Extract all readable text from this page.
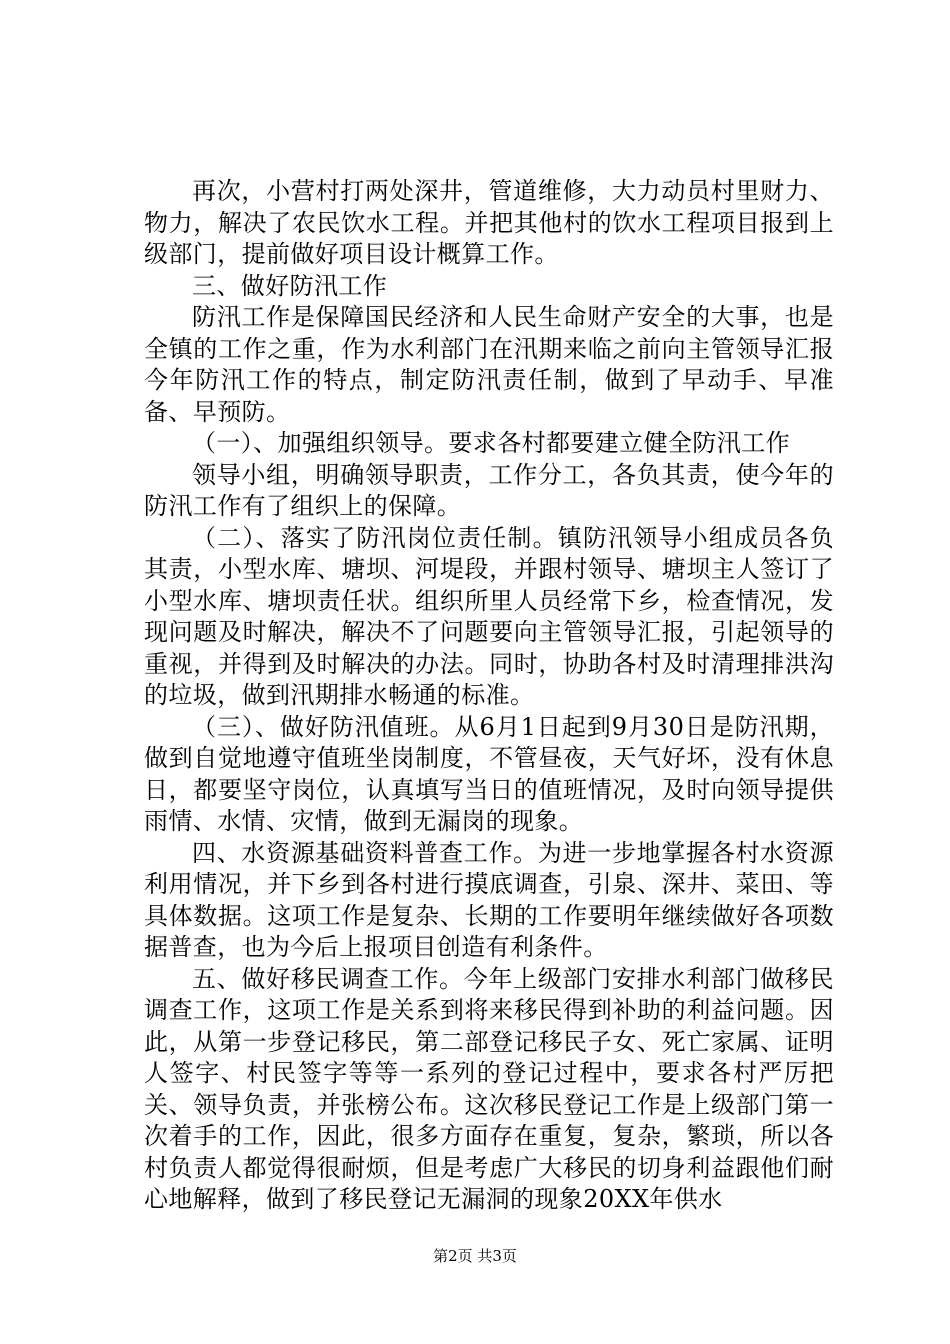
再次，小营村打两处深井，管道维修，大力动员村里财力、物力，解决了农民饮水工程。并把其他村的饮水工程项目报到上级部门，提前做好项目设计概算工作。

三、做好防汛工作

防汛工作是保障国民经济和人民生命财产安全的大事，也是全镇的工作之重，作为水利部门在汛期来临之前向主管领导汇报今年防汛工作的特点，制定防汛责任制，做到了早动手、早准备、早预防。

（一）、加强组织领导。要求各村都要建立健全防汛工作

领导小组，明确领导职责，工作分工，各负其责，使今年的防汛工作有了组织上的保障。

（二）、落实了防汛岗位责任制。镇防汛领导小组成员各负其责，小型水库、塘坝、河堤段，并跟村领导、塘坝主人签订了小型水库、塘坝责任状。组织所里人员经常下乡，检查情况，发现问题及时解决，解决不了问题要向主管领导汇报，引起领导的重视，并得到及时解决的办法。同时，协助各村及时清理排洪沟的垃圾，做到汛期排水畅通的标准。

（三）、做好防汛值班。从6月1日起到9月30日是防汛期，做到自觉地遵守值班坐岗制度，不管昼夜，天气好坏，没有休息日，都要坚守岗位，认真填写当日的值班情况，及时向领导提供雨情、水情、灾情，做到无漏岗的现象。

四、水资源基础资料普查工作。为进一步地掌握各村水资源利用情况，并下乡到各村进行摸底调查，引泉、深井、菜田、等具体数据。这项工作是复杂、长期的工作要明年继续做好各项数据普查，也为今后上报项目创造有利条件。

五、做好移民调查工作。今年上级部门安排水利部门做移民调查工作，这项工作是关系到将来移民得到补助的利益问题。因此，从第一步登记移民，第二部登记移民子女、死亡家属、证明人签字、村民签字等等一系列的登记过程中，要求各村严厉把关、领导负责，并张榜公布。这次移民登记工作是上级部门第一次着手的工作，因此，很多方面存在重复，复杂，繁琐，所以各村负责人都觉得很耐烦，但是考虑广大移民的切身利益跟他们耐心地解释，做到了移民登记无漏洞的现象20XX年供水

第2页 共3页
